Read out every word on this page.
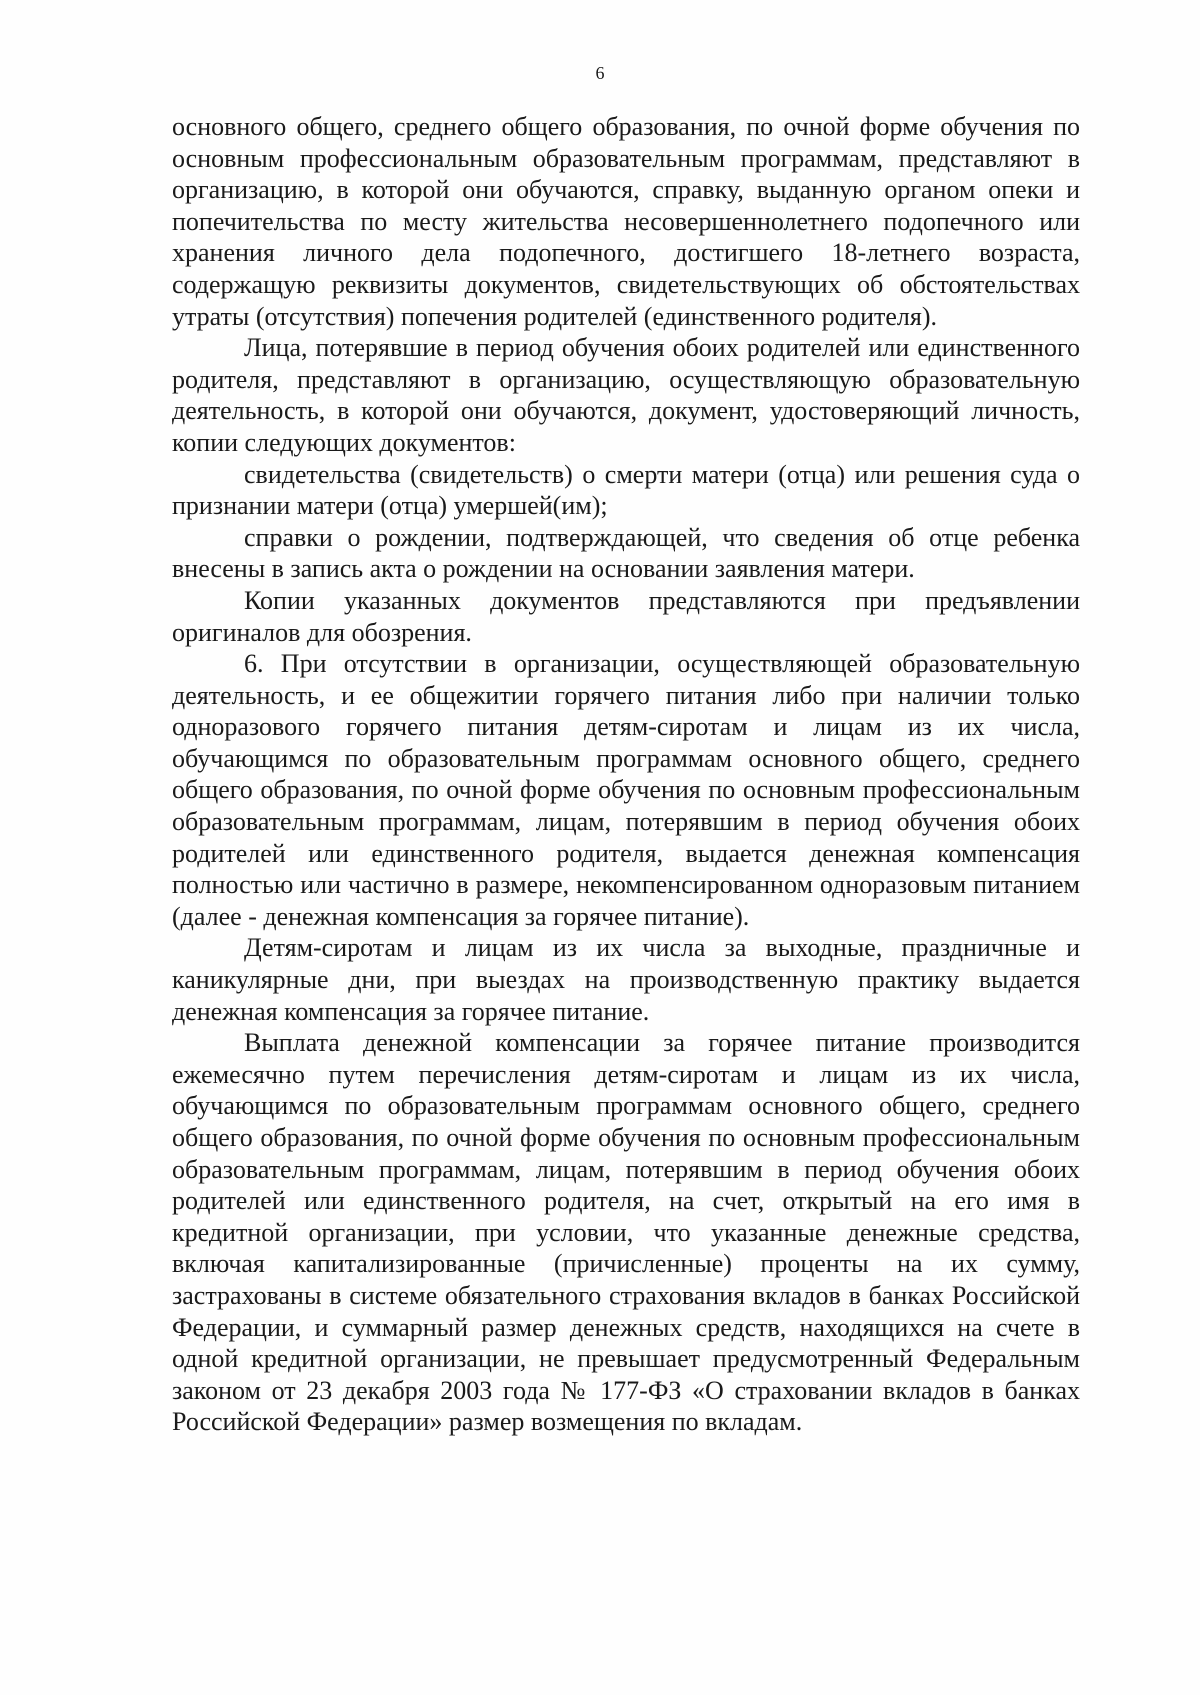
6

основного общего, среднего общего образования, по очной форме обучения по основным профессиональным образовательным программам, представляют в организацию, в которой они обучаются, справку, выданную органом опеки и попечительства по месту жительства несовершеннолетнего подопечного или хранения личного дела подопечного, достигшего 18-летнего возраста, содержащую реквизиты документов, свидетельствующих об обстоятельствах утраты (отсутствия) попечения родителей (единственного родителя).

Лица, потерявшие в период обучения обоих родителей или единственного родителя, представляют в организацию, осуществляющую образовательную деятельность, в которой они обучаются, документ, удостоверяющий личность, копии следующих документов:

свидетельства (свидетельств) о смерти матери (отца) или решения суда о признании матери (отца) умершей(им);

справки о рождении, подтверждающей, что сведения об отце ребенка внесены в запись акта о рождении на основании заявления матери.

Копии указанных документов представляются при предъявлении оригиналов для обозрения.

6. При отсутствии в организации, осуществляющей образовательную деятельность, и ее общежитии горячего питания либо при наличии только одноразового горячего питания детям-сиротам и лицам из их числа, обучающимся по образовательным программам основного общего, среднего общего образования, по очной форме обучения по основным профессиональным образовательным программам, лицам, потерявшим в период обучения обоих родителей или единственного родителя, выдается денежная компенсация полностью или частично в размере, некомпенсированном одноразовым питанием (далее - денежная компенсация за горячее питание).

Детям-сиротам и лицам из их числа за выходные, праздничные и каникулярные дни, при выездах на производственную практику выдается денежная компенсация за горячее питание.

Выплата денежной компенсации за горячее питание производится ежемесячно путем перечисления детям-сиротам и лицам из их числа, обучающимся по образовательным программам основного общего, среднего общего образования, по очной форме обучения по основным профессиональным образовательным программам, лицам, потерявшим в период обучения обоих родителей или единственного родителя, на счет, открытый на его имя в кредитной организации, при условии, что указанные денежные средства, включая капитализированные (причисленные) проценты на их сумму, застрахованы в системе обязательного страхования вкладов в банках Российской Федерации, и суммарный размер денежных средств, находящихся на счете в одной кредитной организации, не превышает предусмотренный Федеральным законом от 23 декабря 2003 года № 177-ФЗ «О страховании вкладов в банках Российской Федерации» размер возмещения по вкладам.
